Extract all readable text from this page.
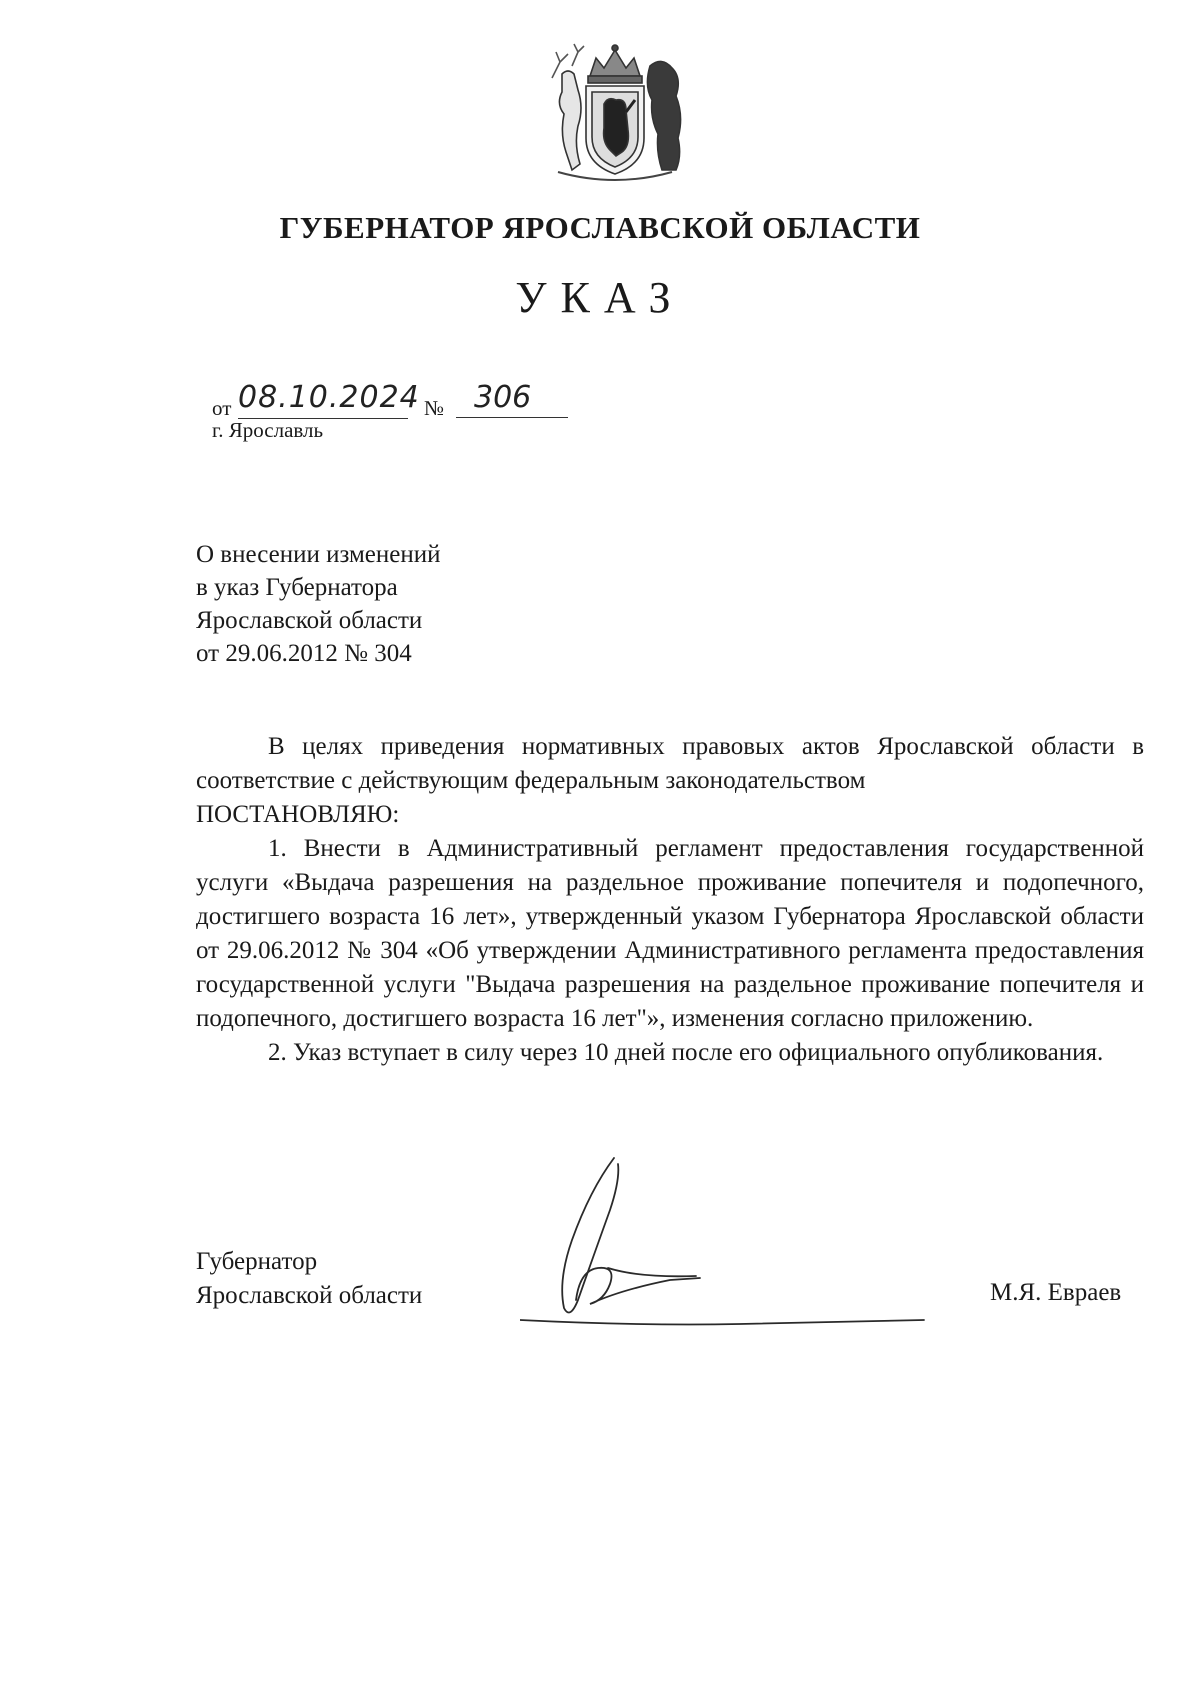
ГУБЕРНАТОР ЯРОСЛАВСКОЙ ОБЛАСТИ
УКАЗ
от 08.10.2024 № 306
г. Ярославль
О внесении изменений
в указ Губернатора
Ярославской области
от 29.06.2012 № 304

В целях приведения нормативных правовых актов Ярославской области в соответствие с действующим федеральным законодательством

ПОСТАНОВЛЯЮ:

1. Внести в Административный регламент предоставления государственной услуги «Выдача разрешения на раздельное проживание попечителя и подопечного, достигшего возраста 16 лет», утвержденный указом Губернатора Ярославской области от 29.06.2012 № 304 «Об утверждении Административного регламента предоставления государственной услуги "Выдача разрешения на раздельное проживание попечителя и подопечного, достигшего возраста 16 лет"», изменения согласно приложению.

2. Указ вступает в силу через 10 дней после его официального опубликования.

Губернатор
Ярославской области	М.Я. Евраев
